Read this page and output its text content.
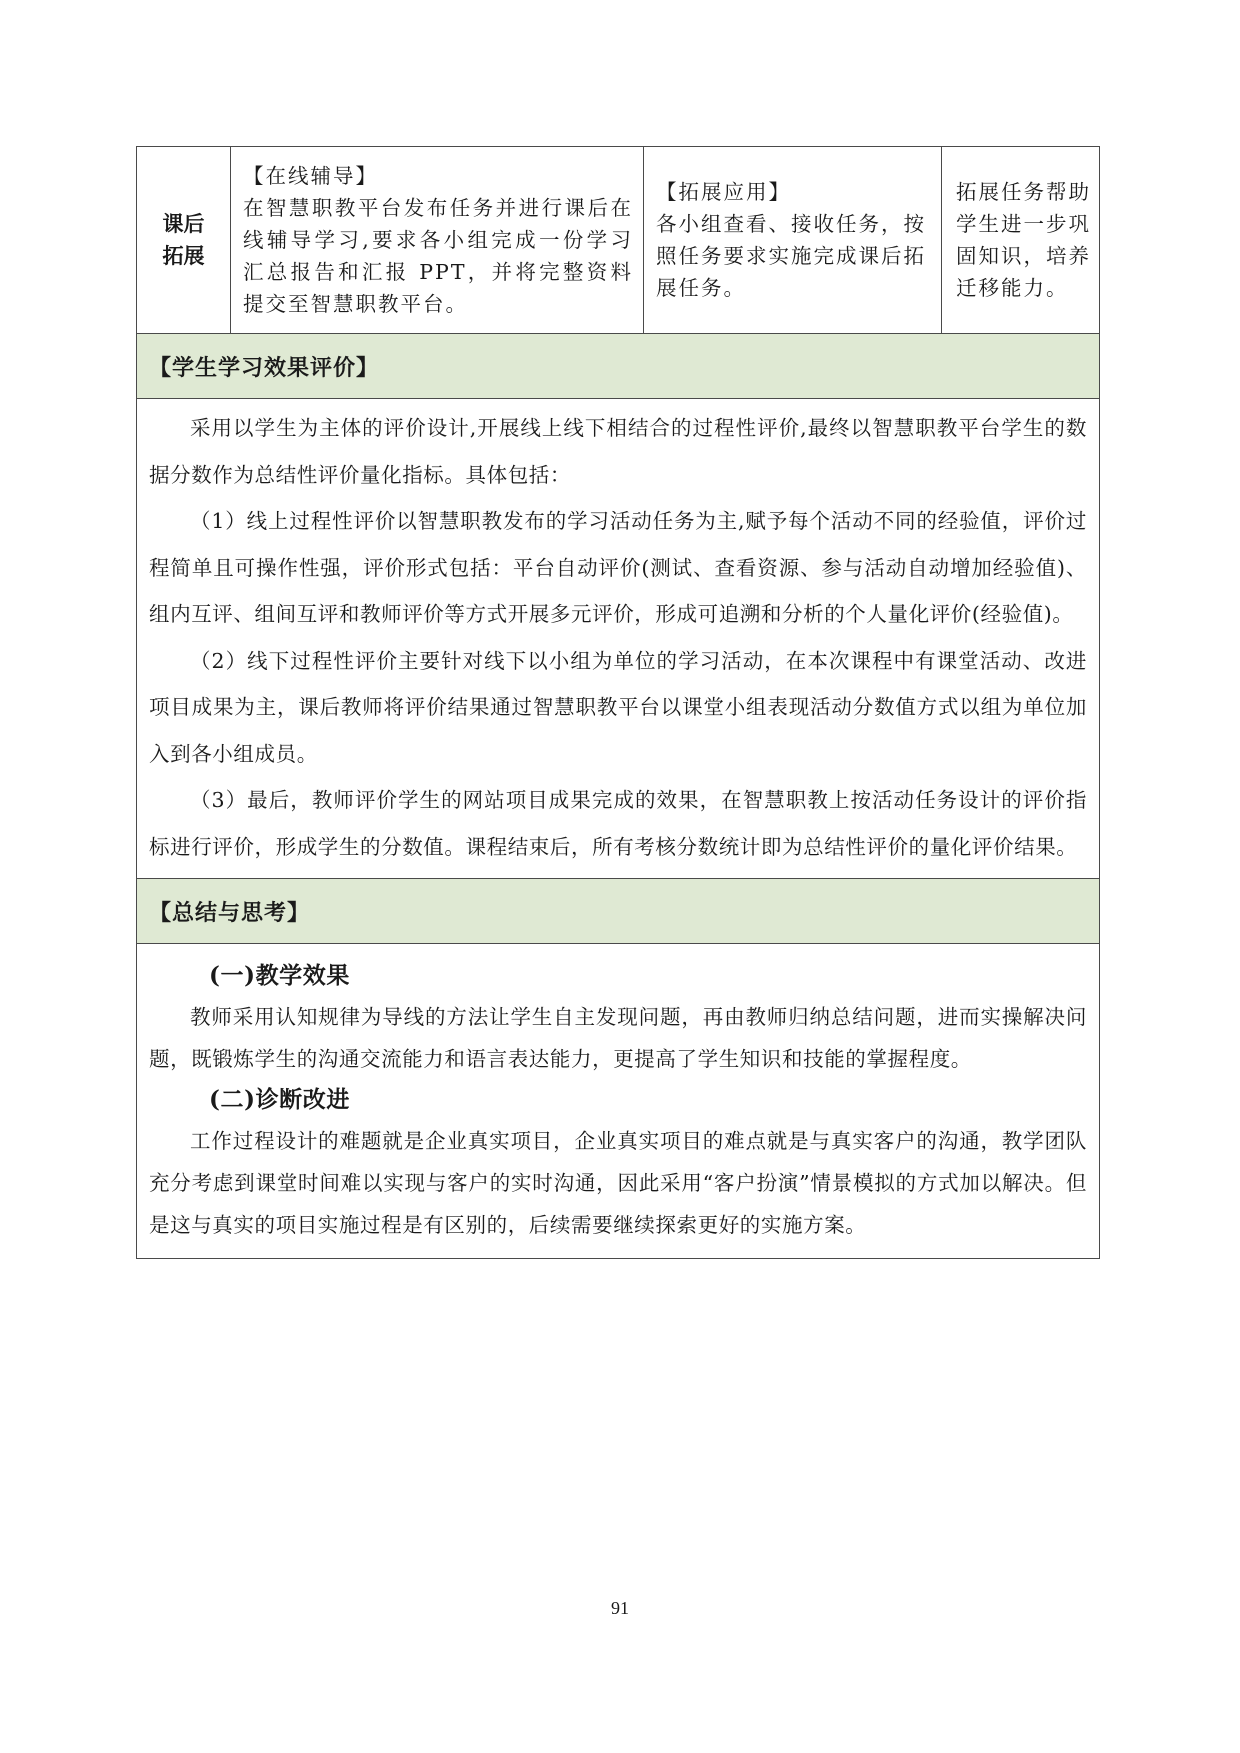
课后
拓展

【在线辅导】
在智慧职教平台发布任务并进行课后在线辅导学习,要求各小组完成一份学习汇总报告和汇报 PPT，并将完整资料提交至智慧职教平台。

【拓展应用】
各小组查看、接收任务，按照任务要求实施完成课后拓展任务。

拓展任务帮助学生进一步巩固知识，培养迁移能力。

【学生学习效果评价】

采用以学生为主体的评价设计,开展线上线下相结合的过程性评价,最终以智慧职教平台学生的数据分数作为总结性评价量化指标。具体包括：

（1）线上过程性评价以智慧职教发布的学习活动任务为主,赋予每个活动不同的经验值，评价过程简单且可操作性强，评价形式包括：平台自动评价(测试、查看资源、参与活动自动增加经验值)、组内互评、组间互评和教师评价等方式开展多元评价，形成可追溯和分析的个人量化评价(经验值)。

（2）线下过程性评价主要针对线下以小组为单位的学习活动，在本次课程中有课堂活动、改进项目成果为主，课后教师将评价结果通过智慧职教平台以课堂小组表现活动分数值方式以组为单位加入到各小组成员。

（3）最后，教师评价学生的网站项目成果完成的效果，在智慧职教上按活动任务设计的评价指标进行评价，形成学生的分数值。课程结束后，所有考核分数统计即为总结性评价的量化评价结果。

【总结与思考】

(一)教学效果

教师采用认知规律为导线的方法让学生自主发现问题，再由教师归纳总结问题，进而实操解决问题，既锻炼学生的沟通交流能力和语言表达能力，更提高了学生知识和技能的掌握程度。

(二)诊断改进

工作过程设计的难题就是企业真实项目，企业真实项目的难点就是与真实客户的沟通，教学团队充分考虑到课堂时间难以实现与客户的实时沟通，因此采用“客户扮演”情景模拟的方式加以解决。但是这与真实的项目实施过程是有区别的，后续需要继续探索更好的实施方案。

91
